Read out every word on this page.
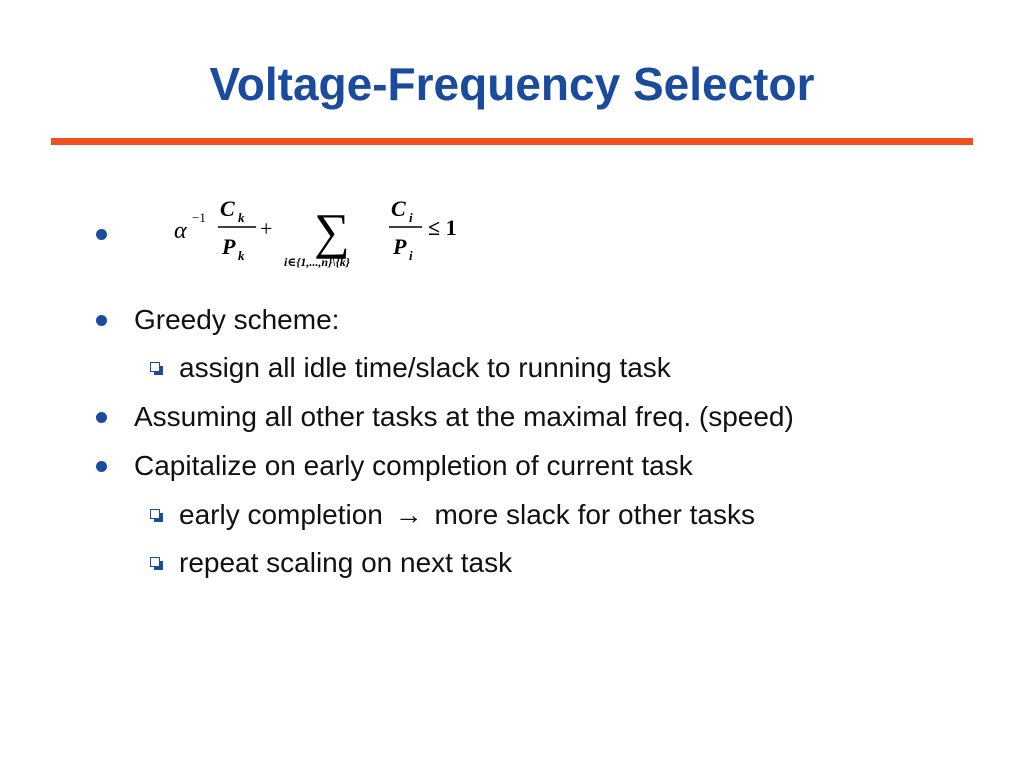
Voltage-Frequency Selector
α
−1 C k
P k
+ ∑
i∈{1,...,n}\{k}
C i
P i
≤ 1
Greedy scheme:
assign all idle time/slack to running task
Assuming all other tasks at the maximal freq. (speed)
Capitalize on early completion of current task
early completion → more slack for other tasks
repeat scaling on next task
